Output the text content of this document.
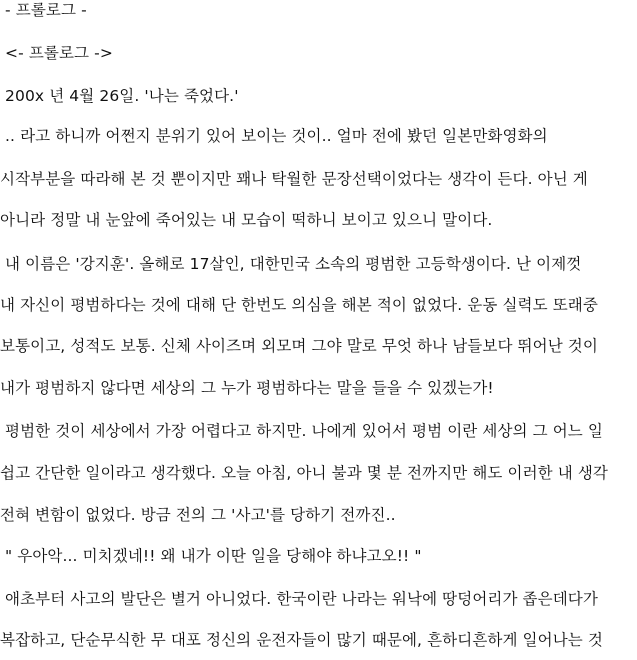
- 프롤로그 -
<- 프롤로그 ->
200x 년 4월 26일. '나는 죽었다.'
.. 라고 하니까 어쩐지 분위기 있어 보이는 것이.. 얼마 전에 봤던 일본만화영화의
시작부분을 따라해 본 것 뿐이지만 꽤나 탁월한 문장선택이었다는 생각이 든다. 아닌 게
아니라 정말 내 눈앞에 죽어있는 내 모습이 떡하니 보이고 있으니 말이다.
내 이름은 '강지훈'. 올해로 17살인, 대한민국 소속의 평범한 고등학생이다. 난 이제껏
내 자신이 평범하다는 것에 대해 단 한번도 의심을 해본 적이 없었다. 운동 실력도 또래중
보통이고, 성적도 보통. 신체 사이즈며 외모며 그야 말로 무엇 하나 남들보다 뛰어난 것이
내가 평범하지 않다면 세상의 그 누가 평범하다는 말을 들을 수 있겠는가!
평범한 것이 세상에서 가장 어렵다고 하지만. 나에게 있어서 평범 이란 세상의 그 어느 일
쉽고 간단한 일이라고 생각했다. 오늘 아침, 아니 불과 몇 분 전까지만 해도 이러한 내 생각
전혀 변함이 없었다. 방금 전의 그 '사고'를 당하기 전까진..
" 우아악... 미치겠네!! 왜 내가 이딴 일을 당해야 하냐고오!! "
애초부터 사고의 발단은 별거 아니었다. 한국이란 나라는 워낙에 땅덩어리가 좁은데다가
복잡하고, 단순무식한 무 대포 정신의 운전자들이 많기 때문에, 흔하디흔하게 일어나는 것
